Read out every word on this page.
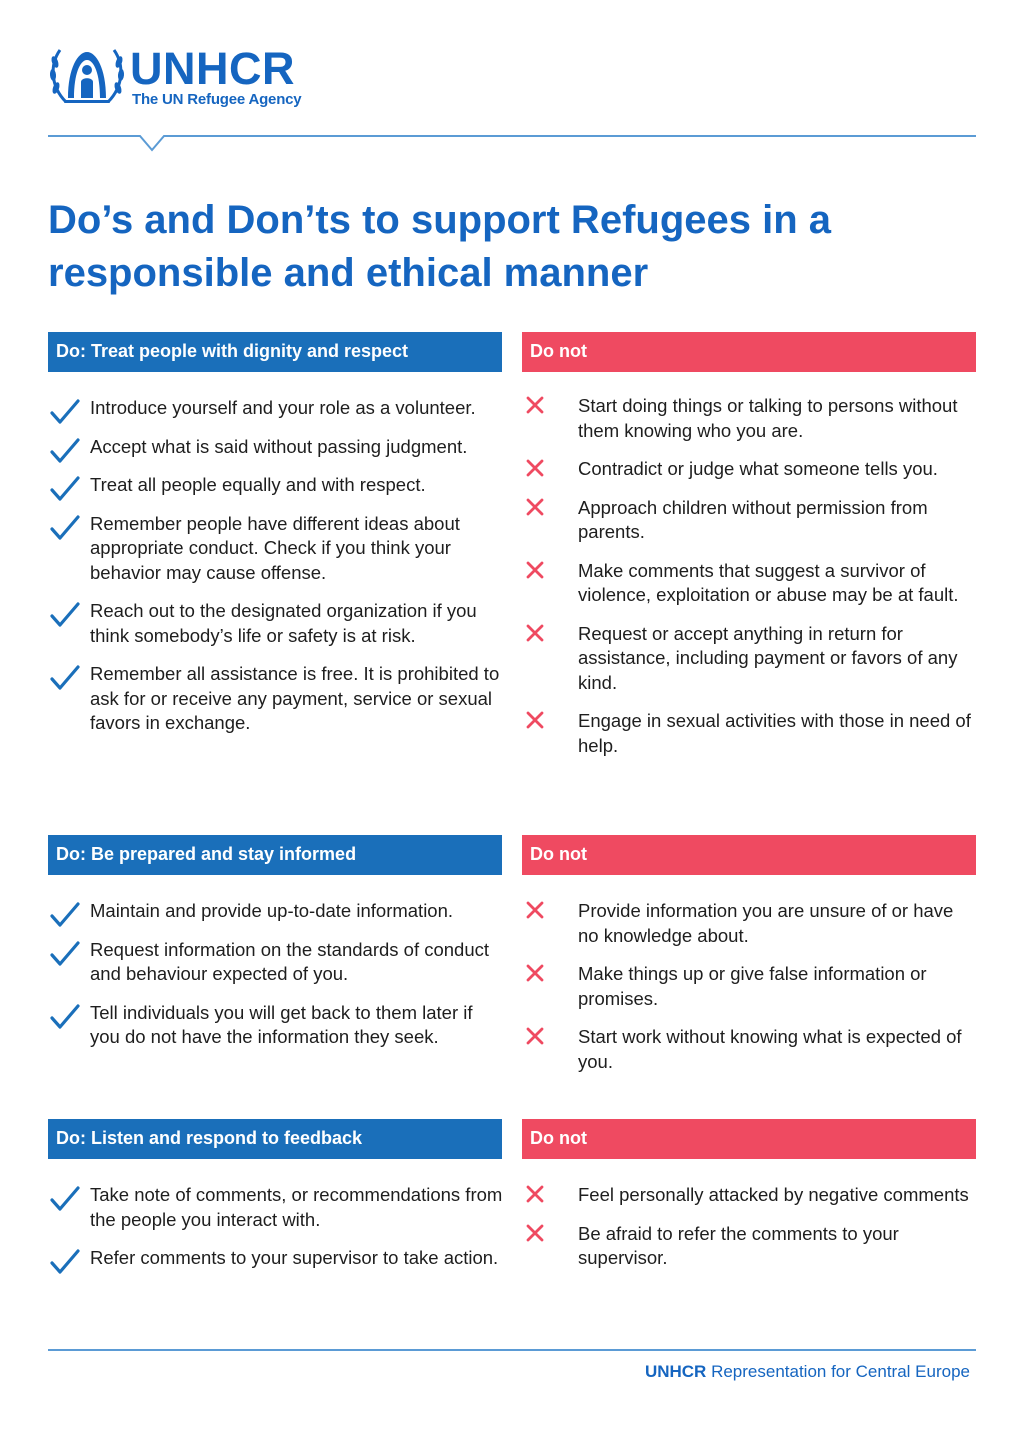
UNHCR
The UN Refugee Agency
Do’s and Don’ts to support Refugees in a responsible and ethical manner
Do: Treat people with dignity and respect	Do not
Introduce yourself and your role as a volunteer.
Accept what is said without passing judgment.
Treat all people equally and with respect.
Remember people have different ideas about appropriate conduct. Check if you think your behavior may cause offense.
Reach out to the designated organization if you think somebody’s life or safety is at risk.
Remember all assistance is free. It is prohibited to ask for or receive any payment, service or sexual favors in exchange.
Start doing things or talking to persons without them knowing who you are.
Contradict or judge what someone tells you.
Approach children without permission from parents.
Make comments that suggest a survivor of violence, exploitation or abuse may be at fault.
Request or accept anything in return for assistance, including payment or favors of any kind.
Engage in sexual activities with those in need of help.
Do: Be prepared and stay informed	Do not
Maintain and provide up-to-date information.
Request information on the standards of conduct and behaviour expected of you.
Tell individuals you will get back to them later if you do not have the information they seek.
Provide information you are unsure of or have no knowledge about.
Make things up or give false information or promises.
Start work without knowing what is expected of you.
Do: Listen and respond to feedback	Do not
Take note of comments, or recommendations from the people you interact with.
Refer comments to your supervisor to take action.
Feel personally attacked by negative comments
Be afraid to refer the comments to your supervisor.
UNHCR Representation for Central Europe
